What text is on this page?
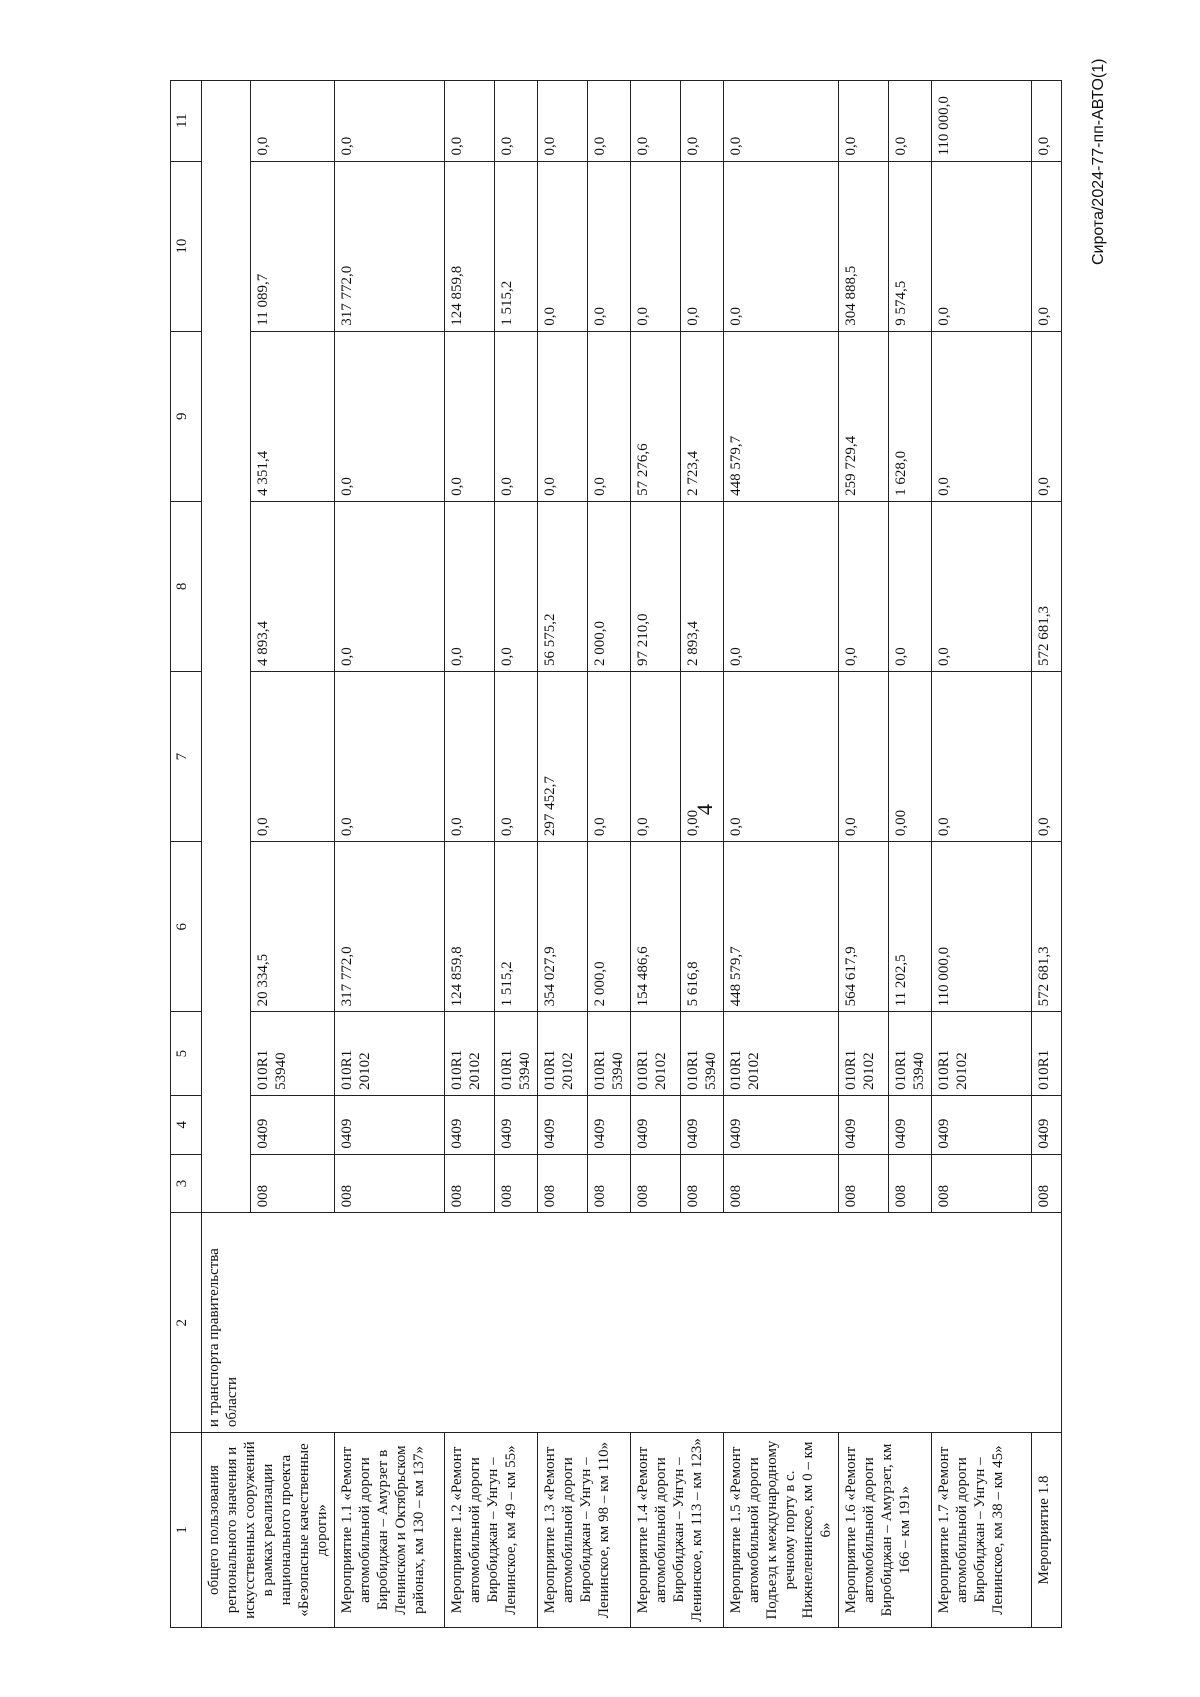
4
Сирота/2024-77-пп-АВТО(1)
1	2	3	4	5	6	7	8	9	10	11
общего пользования регионального значения и искусственных сооружений в рамках реализации национального проекта «Безопасные качественные дороги»	и транспорта правительства области									
		008	0409	010R1 53940	20 334,5	0,0	4 893,4	4 351,4	11 089,7	0,0
Мероприятие 1.1 «Ремонт автомобильной дороги Биробиджан – Амурзет в Ленинском и Октябрьском районах, км 130 – км 137»		008	0409	010R1 20102	317 772,0	0,0	0,0	0,0	317 772,0	0,0
Мероприятие 1.2 «Ремонт автомобильной дороги Биробиджан – Унгун – Ленинское, км 49 – км 55»		008	0409	010R1 20102	124 859,8	0,0	0,0	0,0	124 859,8	0,0
		008	0409	010R1 53940	1 515,2	0,0	0,0	0,0	1 515,2	0,0
Мероприятие 1.3 «Ремонт автомобильной дороги Биробиджан – Унгун – Ленинское, км 98 – км 110»		008	0409	010R1 20102	354 027,9	297 452,7	56 575,2	0,0	0,0	0,0
		008	0409	010R1 53940	2 000,0	0,0	2 000,0	0,0	0,0	0,0
Мероприятие 1.4 «Ремонт автомобильной дороги Биробиджан – Унгун – Ленинское, км 113 – км 123»		008	0409	010R1 20102	154 486,6	0,0	97 210,0	57 276,6	0,0	0,0
		008	0409	010R1 53940	5 616,8	0,00	2 893,4	2 723,4	0,0	0,0
Мероприятие 1.5 «Ремонт автомобильной дороги Подъезд к международному речному порту в с. Нижнеленинское, км 0 – км 6»		008	0409	010R1 20102	448 579,7	0,0	0,0	448 579,7	0,0	0,0
Мероприятие 1.6 «Ремонт автомобильной дороги Биробиджан – Амурзет, км 166 – км 191»		008	0409	010R1 20102	564 617,9	0,0	0,0	259 729,4	304 888,5	0,0
		008	0409	010R1 53940	11 202,5	0,00	0,0	1 628,0	9 574,5	0,0
Мероприятие 1.7 «Ремонт автомобильной дороги Биробиджан – Унгун – Ленинское, км 38 – км 45»		008	0409	010R1 20102	110 000,0	0,0	0,0	0,0	0,0	110 000,0
Мероприятие 1.8		008	0409	010R1	572 681,3	0,0	572 681,3	0,0	0,0	0,0
